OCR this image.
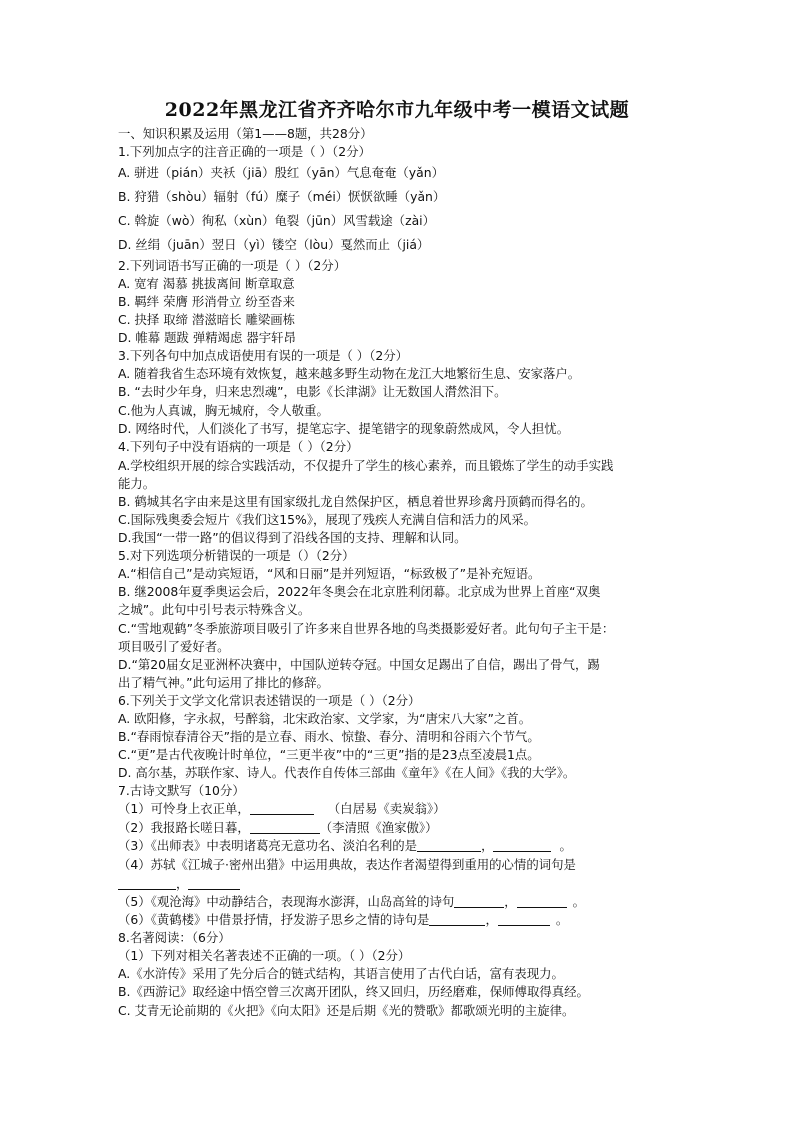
2022年黑龙江省齐齐哈尔市九年级中考一模语文试题
一、知识积累及运用（第1——8题，共28分）
1.下列加点字的注音正确的一项是（ ）（2分）
A. 骈进（pián）夹袄（jiā）殷红（yān）气息奄奄（yǎn）
B. 狩猎（shòu）辐射（fú）糜子（méi）恹恹欲睡（yǎn）
C. 斡旋（wò）徇私（xùn）龟裂（jūn）风雪载途（zài）
D. 丝绢（juān）翌日（yì）镂空（lòu）戛然而止（jiá）
2.下列词语书写正确的一项是（ ）（2分）
A. 宽宥 渴慕 挑拔离间 断章取意
B. 羁绊 荣膺 形消骨立 纷至沓来
C. 抉择 取缔 潜滋暗长 雕梁画栋
D. 帷幕 题跋 弹精竭虑 器宇轩昂
3.下列各句中加点成语使用有误的一项是（ ）（2分）
A. 随着我省生态环境有效恢复，越来越多野生动物在龙江大地繁衍生息、安家落户。
B. “去时少年身，归来忠烈魂”，电影《长津湖》让无数国人潸然泪下。
C.他为人真诚，胸无城府，令人敬重。
D. 网络时代，人们淡化了书写，提笔忘字、提笔错字的现象蔚然成风，令人担忧。
4.下列句子中没有语病的一项是（ ）（2分）
A.学校组织开展的综合实践活动，不仅提升了学生的核心素养，而且锻炼了学生的动手实践
能力。
B. 鹤城其名字由来是这里有国家级扎龙自然保护区，栖息着世界珍禽丹顶鹤而得名的。
C.国际残奥委会短片《我们这15%》，展现了残疾人充满自信和活力的风采。
D.我国“一带一路”的倡议得到了沿线各国的支持、理解和认同。
5.对下列选项分析错误的一项是（）（2分）
A.“相信自己”是动宾短语，“风和日丽”是并列短语，“标致极了”是补充短语。
B. 继2008年夏季奥运会后，2022年冬奥会在北京胜利闭幕。北京成为世界上首座“双奥
之城”。此句中引号表示特殊含义。
C.“雪地观鹤”冬季旅游项目吸引了许多来自世界各地的鸟类摄影爱好者。此句句子主干是：
项目吸引了爱好者。
D.“第20届女足亚洲杯决赛中，中国队逆转夺冠。中国女足踢出了自信，踢出了骨气，踢
出了精气神。”此句运用了排比的修辞。
6.下列关于文学文化常识表述错误的一项是（ ）（2分）
A. 欧阳修，字永叔，号醉翁，北宋政治家、文学家，为“唐宋八大家”之首。
B.“春雨惊春清谷天”指的是立春、雨水、惊蛰、春分、清明和谷雨六个节气。
C.“更”是古代夜晚计时单位，“三更半夜”中的“三更”指的是23点至凌晨1点。
D. 高尔基，苏联作家、诗人。代表作自传体三部曲《童年》《在人间》《我的大学》。
7.古诗文默写（10分）
（1）可怜身上衣正单，	（白居易《卖炭翁》）
（2）我报路长嗟日暮，	（李清照《渔家傲》）
（3）《出师表》中表明诸葛亮无意功名、淡泊名利的是	，	。
（4）苏轼《江城子·密州出猎》中运用典故，表达作者渴望得到重用的心情的词句是
，
（5）《观沧海》中动静结合，表现海水澎湃，山岛高耸的诗句	，	。
（6）《黄鹤楼》中借景抒情，抒发游子思乡之情的诗句是	，	。
8.名著阅读：（6分）
（1）下列对相关名著表述不正确的一项。（ ）（2分）
A.《水浒传》采用了先分后合的链式结构，其语言使用了古代白话，富有表现力。
B.《西游记》取经途中悟空曾三次离开团队，终又回归，历经磨难，保师傅取得真经。
C. 艾青无论前期的《火把》《向太阳》还是后期《光的赞歌》都歌颂光明的主旋律。
